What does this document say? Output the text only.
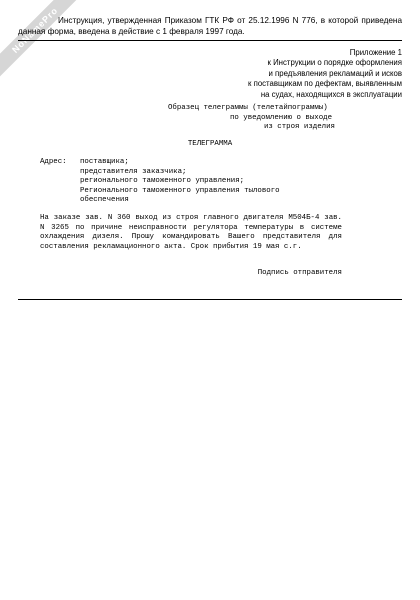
NoNamePro
Инструкция, утвержденная Приказом ГТК РФ от 25.12.1996 N 776, в которой приведена данная форма, введена в действие с 1 февраля 1997 года.
Приложение 1
к Инструкции о порядке оформления
и предъявления рекламаций и исков
к поставщикам по дефектам, выявленным
на судах, находящихся в эксплуатации
Образец телеграммы (телетайпограммы)
по уведомлению о выходе
из строя изделия
ТЕЛЕГРАММА
Адрес:	поставщика;
представителя заказчика;
регионального таможенного управления;
Регионального таможенного управления тылового
обеспечения
На заказе зав. N 360 выход из строя главного двигателя М504Б-4 зав. N 3265 по причине неисправности регулятора температуры в системе охлаждения дизеля. Прошу командировать Вашего представителя для составления рекламационного акта. Срок прибытия 19 мая с.г.
Подпись отправителя
